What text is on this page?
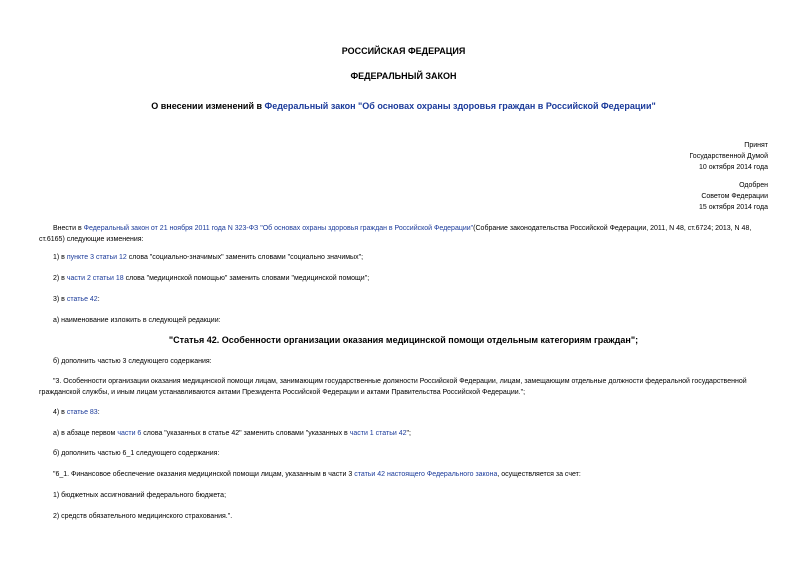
РОССИЙСКАЯ ФЕДЕРАЦИЯ
ФЕДЕРАЛЬНЫЙ ЗАКОН
О внесении изменений в Федеральный закон "Об основах охраны здоровья граждан в Российской Федерации"
Принят
Государственной Думой
10 октября 2014 года
Одобрен
Советом Федерации
15 октября 2014 года
Внести в Федеральный закон от 21 ноября 2011 года N 323-ФЗ "Об основах охраны здоровья граждан в Российской Федерации"(Собрание законодательства Российской Федерации, 2011, N 48, ст.6724; 2013, N 48, ст.6165) следующие изменения:
1) в пункте 3 статьи 12 слова "социально-значимых" заменить словами "социально значимых";
2) в части 2 статьи 18 слова "медицинской помощью" заменить словами "медицинской помощи";
3) в статье 42:
а) наименование изложить в следующей редакции:
"Статья 42. Особенности организации оказания медицинской помощи отдельным категориям граждан";
б) дополнить частью 3 следующего содержания:
"3. Особенности организации оказания медицинской помощи лицам, занимающим государственные должности Российской Федерации, лицам, замещающим отдельные должности федеральной государственной гражданской службы, и иным лицам устанавливаются актами Президента Российской Федерации и актами Правительства Российской Федерации.";
4) в статье 83:
а) в абзаце первом части 6 слова "указанных в статье 42" заменить словами "указанных в части 1 статьи 42";
б) дополнить частью 6_1 следующего содержания:
"6_1. Финансовое обеспечение оказания медицинской помощи лицам, указанным в части 3 статьи 42 настоящего Федерального закона, осуществляется за счет:
1) бюджетных ассигнований федерального бюджета;
2) средств обязательного медицинского страхования.".
